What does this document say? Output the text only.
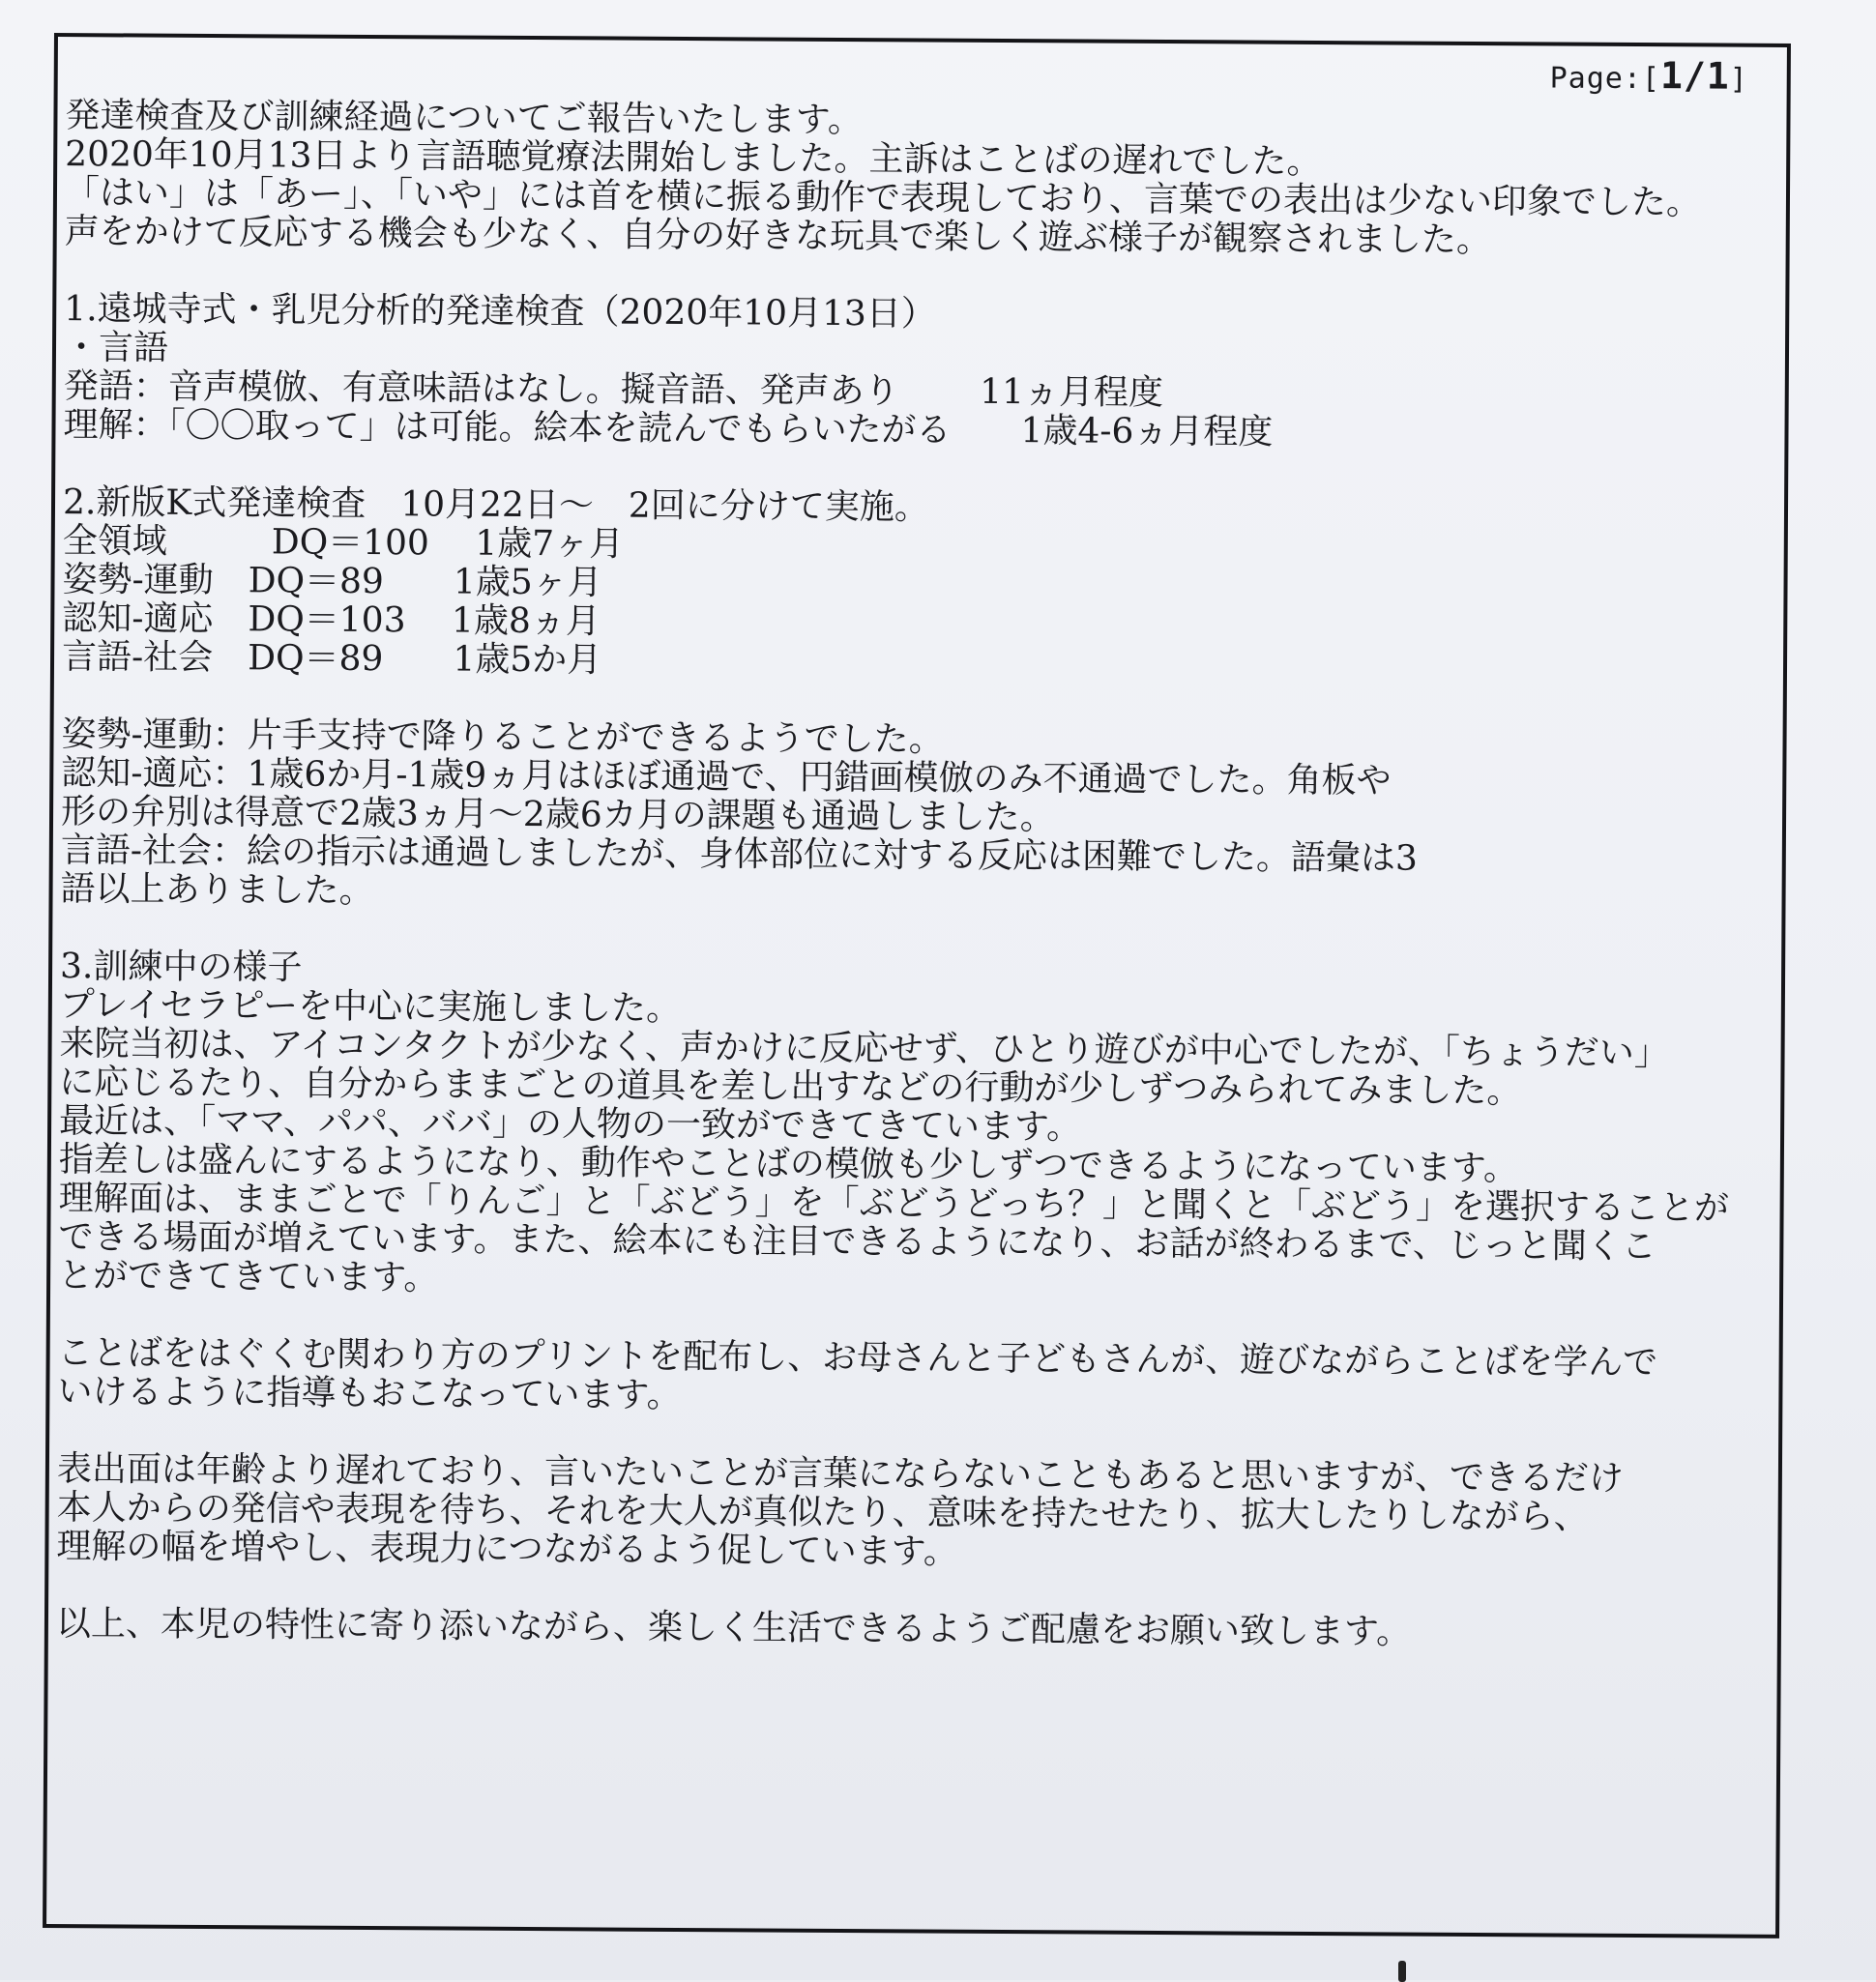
Page:[1/1]
発達検査及び訓練経過についてご報告いたします。
2020年10月13日より言語聴覚療法開始しました。主訴はことばの遅れでした。
「はい」は「あー」、「いや」には首を横に振る動作で表現しており、言葉での表出は少ない印象でした。
声をかけて反応する機会も少なく、自分の好きな玩具で楽しく遊ぶ様子が観察されました。
1.遠城寺式・乳児分析的発達検査（2020年10月13日）
・言語
発語：音声模倣、有意味語はなし。擬音語、発声あり　　 11ヵ月程度
理解：「〇〇取って」は可能。絵本を読んでもらいたがる　　1歳4-6ヵ月程度
2.新版K式発達検査　10月22日～　2回に分けて実施。
全領域　　　DQ＝100　 1歳7ヶ月
姿勢-運動　DQ＝89　　1歳5ヶ月
認知-適応　DQ＝103　 1歳8ヵ月
言語-社会　DQ＝89　　1歳5か月
姿勢-運動：片手支持で降りることができるようでした。
認知-適応：1歳6か月-1歳9ヵ月はほぼ通過で、円錯画模倣のみ不通過でした。角板や
形の弁別は得意で2歳3ヵ月～2歳6カ月の課題も通過しました。
言語-社会：絵の指示は通過しましたが、身体部位に対する反応は困難でした。語彙は3
語以上ありました。
3.訓練中の様子
プレイセラピーを中心に実施しました。
来院当初は、アイコンタクトが少なく、声かけに反応せず、ひとり遊びが中心でしたが、「ちょうだい」
に応じるたり、自分からままごとの道具を差し出すなどの行動が少しずつみられてみました。
最近は、「ママ、パパ、ババ」の人物の一致ができてきています。
指差しは盛んにするようになり、動作やことばの模倣も少しずつできるようになっています。
理解面は、ままごとで「りんご」と「ぶどう」を「ぶどうどっち？」と聞くと「ぶどう」を選択することが
できる場面が増えています。また、絵本にも注目できるようになり、お話が終わるまで、じっと聞くこ
とができてきています。
ことばをはぐくむ関わり方のプリントを配布し、お母さんと子どもさんが、遊びながらことばを学んで
いけるように指導もおこなっています。
表出面は年齢より遅れており、言いたいことが言葉にならないこともあると思いますが、できるだけ
本人からの発信や表現を待ち、それを大人が真似たり、意味を持たせたり、拡大したりしながら、
理解の幅を増やし、表現力につながるよう促しています。
以上、本児の特性に寄り添いながら、楽しく生活できるようご配慮をお願い致します。
